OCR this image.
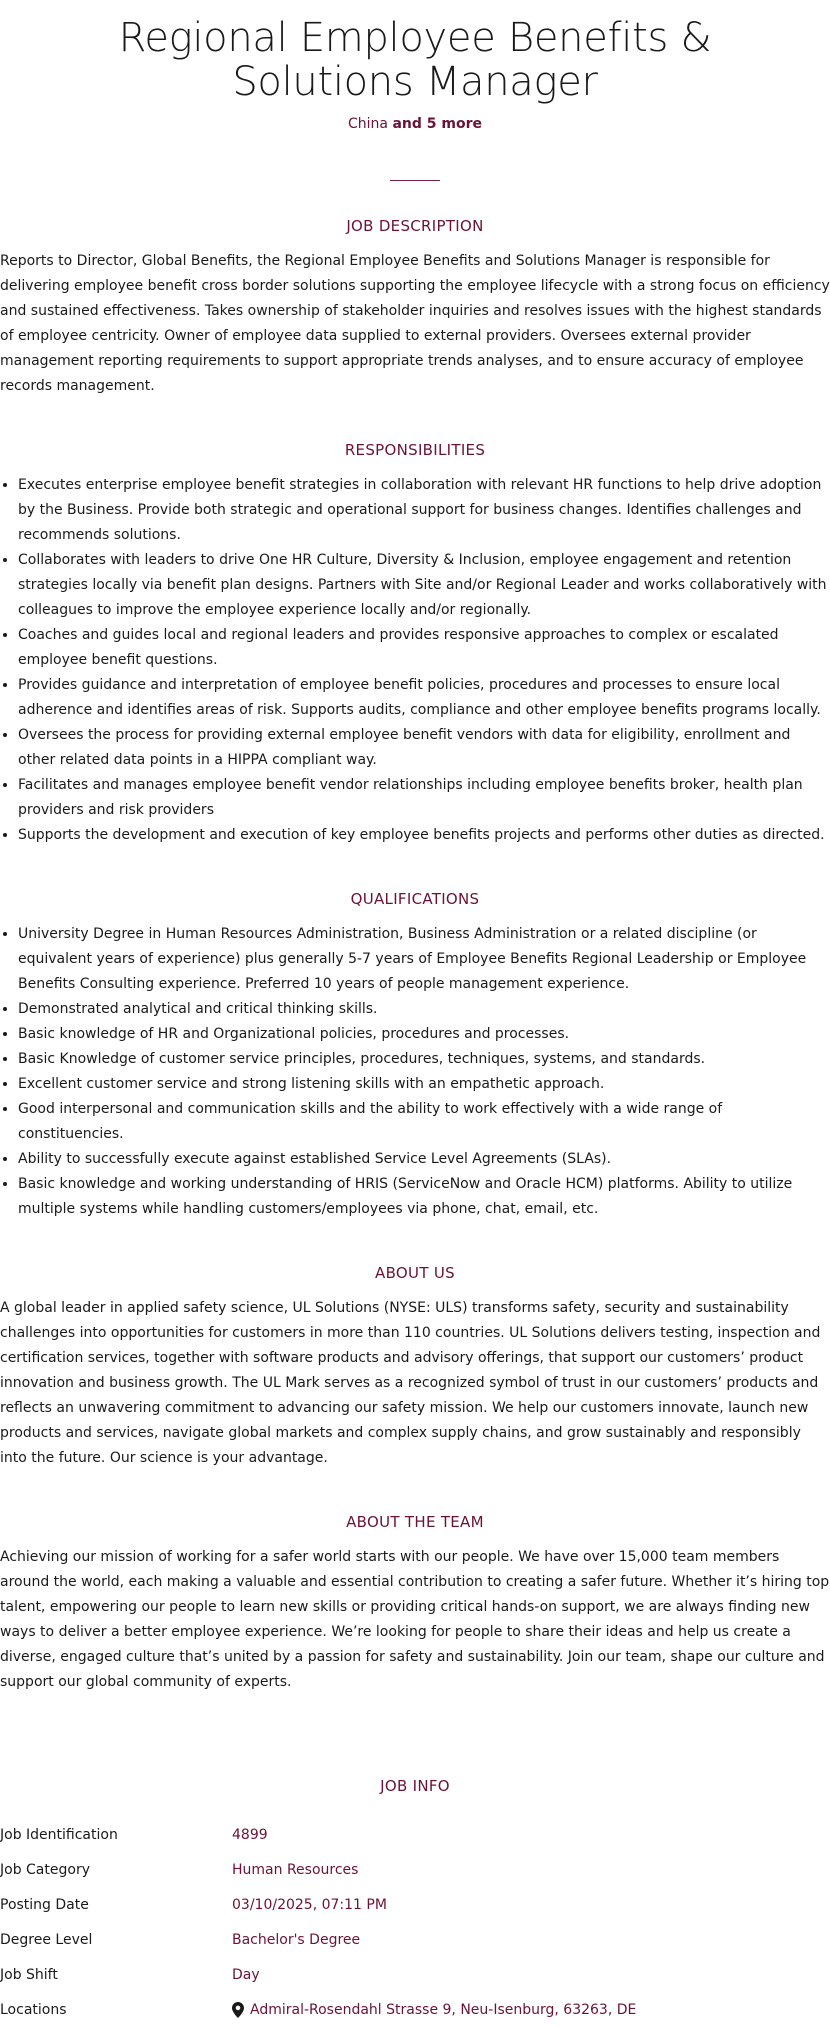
Regional Employee Benefits & Solutions Manager
China and 5 more
JOB DESCRIPTION

Reports to Director, Global Benefits, the Regional Employee Benefits and Solutions Manager is responsible for delivering employee benefit cross border solutions supporting the employee lifecycle with a strong focus on efficiency and sustained effectiveness. Takes ownership of stakeholder inquiries and resolves issues with the highest standards of employee centricity. Owner of employee data supplied to external providers. Oversees external provider management reporting requirements to support appropriate trends analyses, and to ensure accuracy of employee records management.

RESPONSIBILITIES
• Executes enterprise employee benefit strategies in collaboration with relevant HR functions to help drive adoption by the Business. Provide both strategic and operational support for business changes. Identifies challenges and recommends solutions.
• Collaborates with leaders to drive One HR Culture, Diversity & Inclusion, employee engagement and retention strategies locally via benefit plan designs. Partners with Site and/or Regional Leader and works collaboratively with colleagues to improve the employee experience locally and/or regionally.
• Coaches and guides local and regional leaders and provides responsive approaches to complex or escalated employee benefit questions.
• Provides guidance and interpretation of employee benefit policies, procedures and processes to ensure local adherence and identifies areas of risk. Supports audits, compliance and other employee benefits programs locally.
• Oversees the process for providing external employee benefit vendors with data for eligibility, enrollment and other related data points in a HIPPA compliant way.
• Facilitates and manages employee benefit vendor relationships including employee benefits broker, health plan providers and risk providers
• Supports the development and execution of key employee benefits projects and performs other duties as directed.
QUALIFICATIONS
• University Degree in Human Resources Administration, Business Administration or a related discipline (or equivalent years of experience) plus generally 5-7 years of Employee Benefits Regional Leadership or Employee Benefits Consulting experience. Preferred 10 years of people management experience.
• Demonstrated analytical and critical thinking skills.
• Basic knowledge of HR and Organizational policies, procedures and processes.
• Basic Knowledge of customer service principles, procedures, techniques, systems, and standards.
• Excellent customer service and strong listening skills with an empathetic approach.
• Good interpersonal and communication skills and the ability to work effectively with a wide range of constituencies.
• Ability to successfully execute against established Service Level Agreements (SLAs).
• Basic knowledge and working understanding of HRIS (ServiceNow and Oracle HCM) platforms. Ability to utilize multiple systems while handling customers/employees via phone, chat, email, etc.
ABOUT US

A global leader in applied safety science, UL Solutions (NYSE: ULS) transforms safety, security and sustainability challenges into opportunities for customers in more than 110 countries. UL Solutions delivers testing, inspection and certification services, together with software products and advisory offerings, that support our customers’ product innovation and business growth. The UL Mark serves as a recognized symbol of trust in our customers’ products and reflects an unwavering commitment to advancing our safety mission. We help our customers innovate, launch new products and services, navigate global markets and complex supply chains, and grow sustainably and responsibly into the future. Our science is your advantage.

ABOUT THE TEAM

Achieving our mission of working for a safer world starts with our people. We have over 15,000 team members around the world, each making a valuable and essential contribution to creating a safer future. Whether it’s hiring top talent, empowering our people to learn new skills or providing critical hands-on support, we are always finding new ways to deliver a better employee experience. We’re looking for people to share their ideas and help us create a diverse, engaged culture that’s united by a passion for safety and sustainability. Join our team, shape our culture and support our global community of experts.

JOB INFO
Job Identification	4899
Job Category	Human Resources
Posting Date	03/10/2025, 07:11 PM
Degree Level	Bachelor's Degree
Job Shift	Day
Locations	Admiral-Rosendahl Strasse 9, Neu-Isenburg, 63263, DE
